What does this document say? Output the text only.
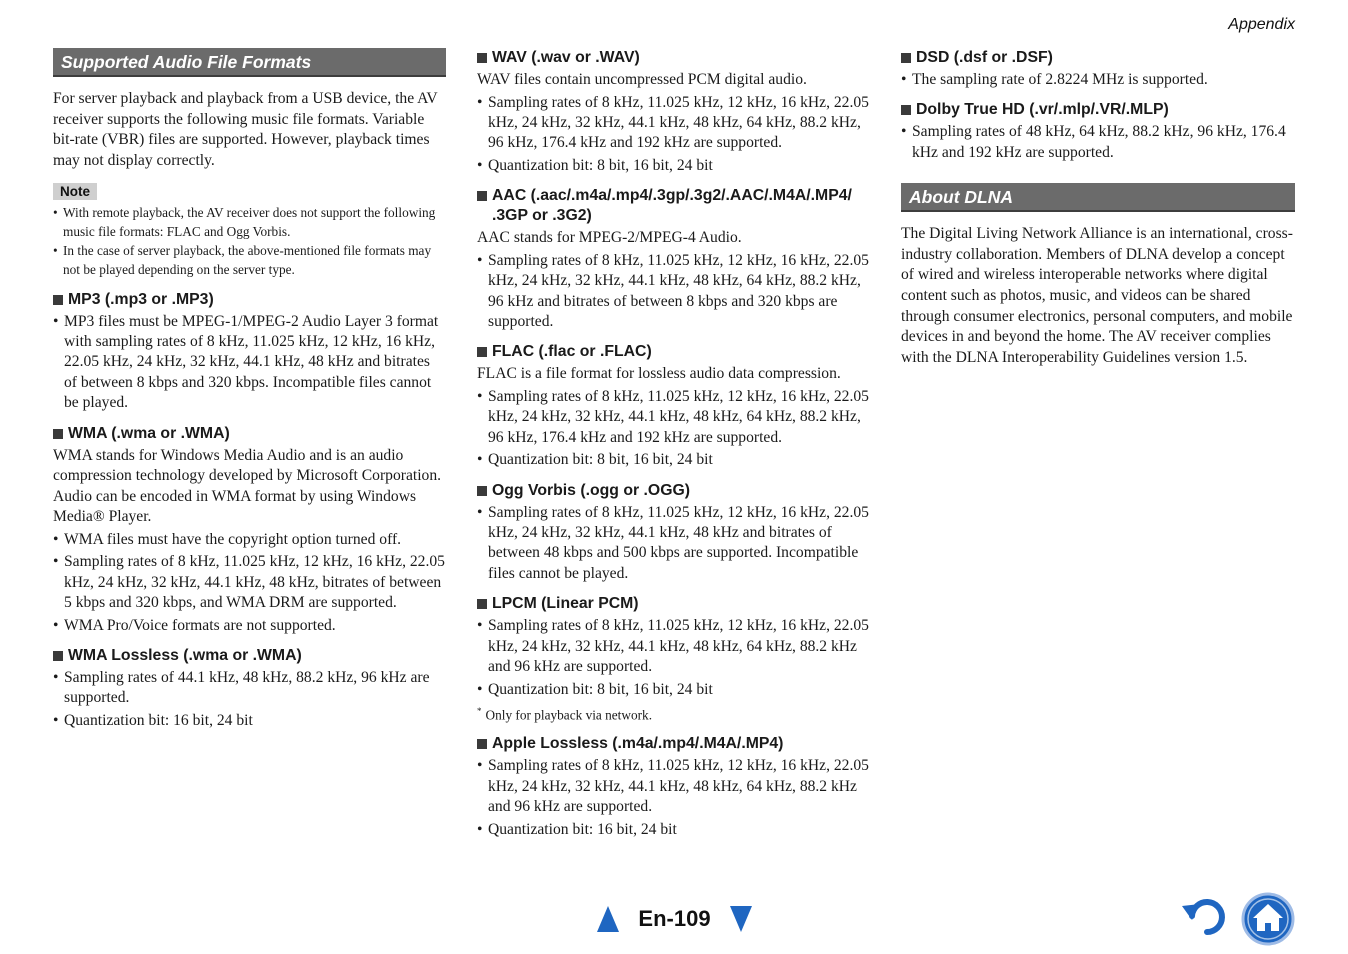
Appendix
Supported Audio File Formats

For server playback and playback from a USB device, the AV receiver supports the following music file formats. Variable bit-rate (VBR) files are supported. However, playback times may not display correctly.

Note
• With remote playback, the AV receiver does not support the following music file formats: FLAC and Ogg Vorbis.
• In the case of server playback, the above-mentioned file formats may not be played depending on the server type.
MP3 (.mp3 or .MP3)
• MP3 files must be MPEG-1/MPEG-2 Audio Layer 3 format with sampling rates of 8 kHz, 11.025 kHz, 12 kHz, 16 kHz, 22.05 kHz, 24 kHz, 32 kHz, 44.1 kHz, 48 kHz and bitrates of between 8 kbps and 320 kbps. Incompatible files cannot be played.
WMA (.wma or .WMA)

WMA stands for Windows Media Audio and is an audio compression technology developed by Microsoft Corporation. Audio can be encoded in WMA format by using Windows Media® Player.

• WMA files must have the copyright option turned off.
• Sampling rates of 8 kHz, 11.025 kHz, 12 kHz, 16 kHz, 22.05 kHz, 24 kHz, 32 kHz, 44.1 kHz, 48 kHz, bitrates of between 5 kbps and 320 kbps, and WMA DRM are supported.
• WMA Pro/Voice formats are not supported.
WMA Lossless (.wma or .WMA)
• Sampling rates of 44.1 kHz, 48 kHz, 88.2 kHz, 96 kHz are supported.
• Quantization bit: 16 bit, 24 bit
WAV (.wav or .WAV)

WAV files contain uncompressed PCM digital audio.

• Sampling rates of 8 kHz, 11.025 kHz, 12 kHz, 16 kHz, 22.05 kHz, 24 kHz, 32 kHz, 44.1 kHz, 48 kHz, 64 kHz, 88.2 kHz, 96 kHz, 176.4 kHz and 192 kHz are supported.
• Quantization bit: 8 bit, 16 bit, 24 bit
AAC (.aac/.m4a/.mp4/.3gp/.3g2/.AAC/.M4A/.MP4/ .3GP or .3G2)

AAC stands for MPEG-2/MPEG-4 Audio.

• Sampling rates of 8 kHz, 11.025 kHz, 12 kHz, 16 kHz, 22.05 kHz, 24 kHz, 32 kHz, 44.1 kHz, 48 kHz, 64 kHz, 88.2 kHz, 96 kHz and bitrates of between 8 kbps and 320 kbps are supported.
FLAC (.flac or .FLAC)

FLAC is a file format for lossless audio data compression.

• Sampling rates of 8 kHz, 11.025 kHz, 12 kHz, 16 kHz, 22.05 kHz, 24 kHz, 32 kHz, 44.1 kHz, 48 kHz, 64 kHz, 88.2 kHz, 96 kHz, 176.4 kHz and 192 kHz are supported.
• Quantization bit: 8 bit, 16 bit, 24 bit
Ogg Vorbis (.ogg or .OGG)
• Sampling rates of 8 kHz, 11.025 kHz, 12 kHz, 16 kHz, 22.05 kHz, 24 kHz, 32 kHz, 44.1 kHz, 48 kHz and bitrates of between 48 kbps and 500 kbps are supported. Incompatible files cannot be played.
LPCM (Linear PCM)
• Sampling rates of 8 kHz, 11.025 kHz, 12 kHz, 16 kHz, 22.05 kHz, 24 kHz, 32 kHz, 44.1 kHz, 48 kHz, 64 kHz, 88.2 kHz and 96 kHz are supported.
• Quantization bit: 8 bit, 16 bit, 24 bit
* Only for playback via network.
Apple Lossless (.m4a/.mp4/.M4A/.MP4)
• Sampling rates of 8 kHz, 11.025 kHz, 12 kHz, 16 kHz, 22.05 kHz, 24 kHz, 32 kHz, 44.1 kHz, 48 kHz, 64 kHz, 88.2 kHz and 96 kHz are supported.
• Quantization bit: 16 bit, 24 bit
DSD (.dsf or .DSF)
• The sampling rate of 2.8224 MHz is supported.
Dolby True HD (.vr/.mlp/.VR/.MLP)
• Sampling rates of 48 kHz, 64 kHz, 88.2 kHz, 96 kHz, 176.4 kHz and 192 kHz are supported.
About DLNA

The Digital Living Network Alliance is an international, cross-industry collaboration. Members of DLNA develop a concept of wired and wireless interoperable networks where digital content such as photos, music, and videos can be shared through consumer electronics, personal computers, and mobile devices in and beyond the home. The AV receiver complies with the DLNA Interoperability Guidelines version 1.5.

En-109
